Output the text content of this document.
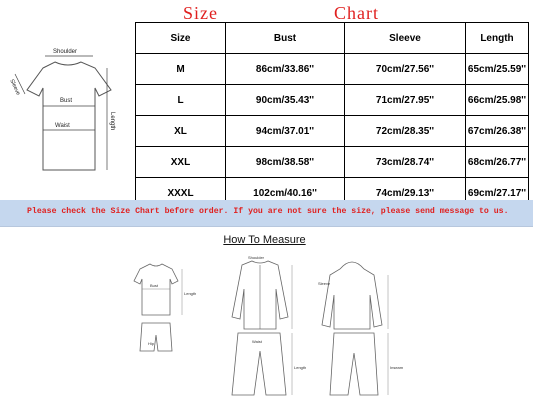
Size	Chart
Shoulder
Sleeve
Bust
Waist	Length
Size	Bust	Sleeve	Length
M	86cm/33.86''	70cm/27.56''	65cm/25.59''
L	90cm/35.43''	71cm/27.95''	66cm/25.98''
XL	94cm/37.01''	72cm/28.35''	67cm/26.38''
XXL	98cm/38.58''	73cm/28.74''	68cm/26.77''
XXXL	102cm/40.16''	74cm/29.13''	69cm/27.17''
Please check the Size Chart before order. If you are not sure the size, please send message to us.
Bust
Length
Shoulder
Waist
Hip
Length
Sleeve
Inseam
How To Measure
